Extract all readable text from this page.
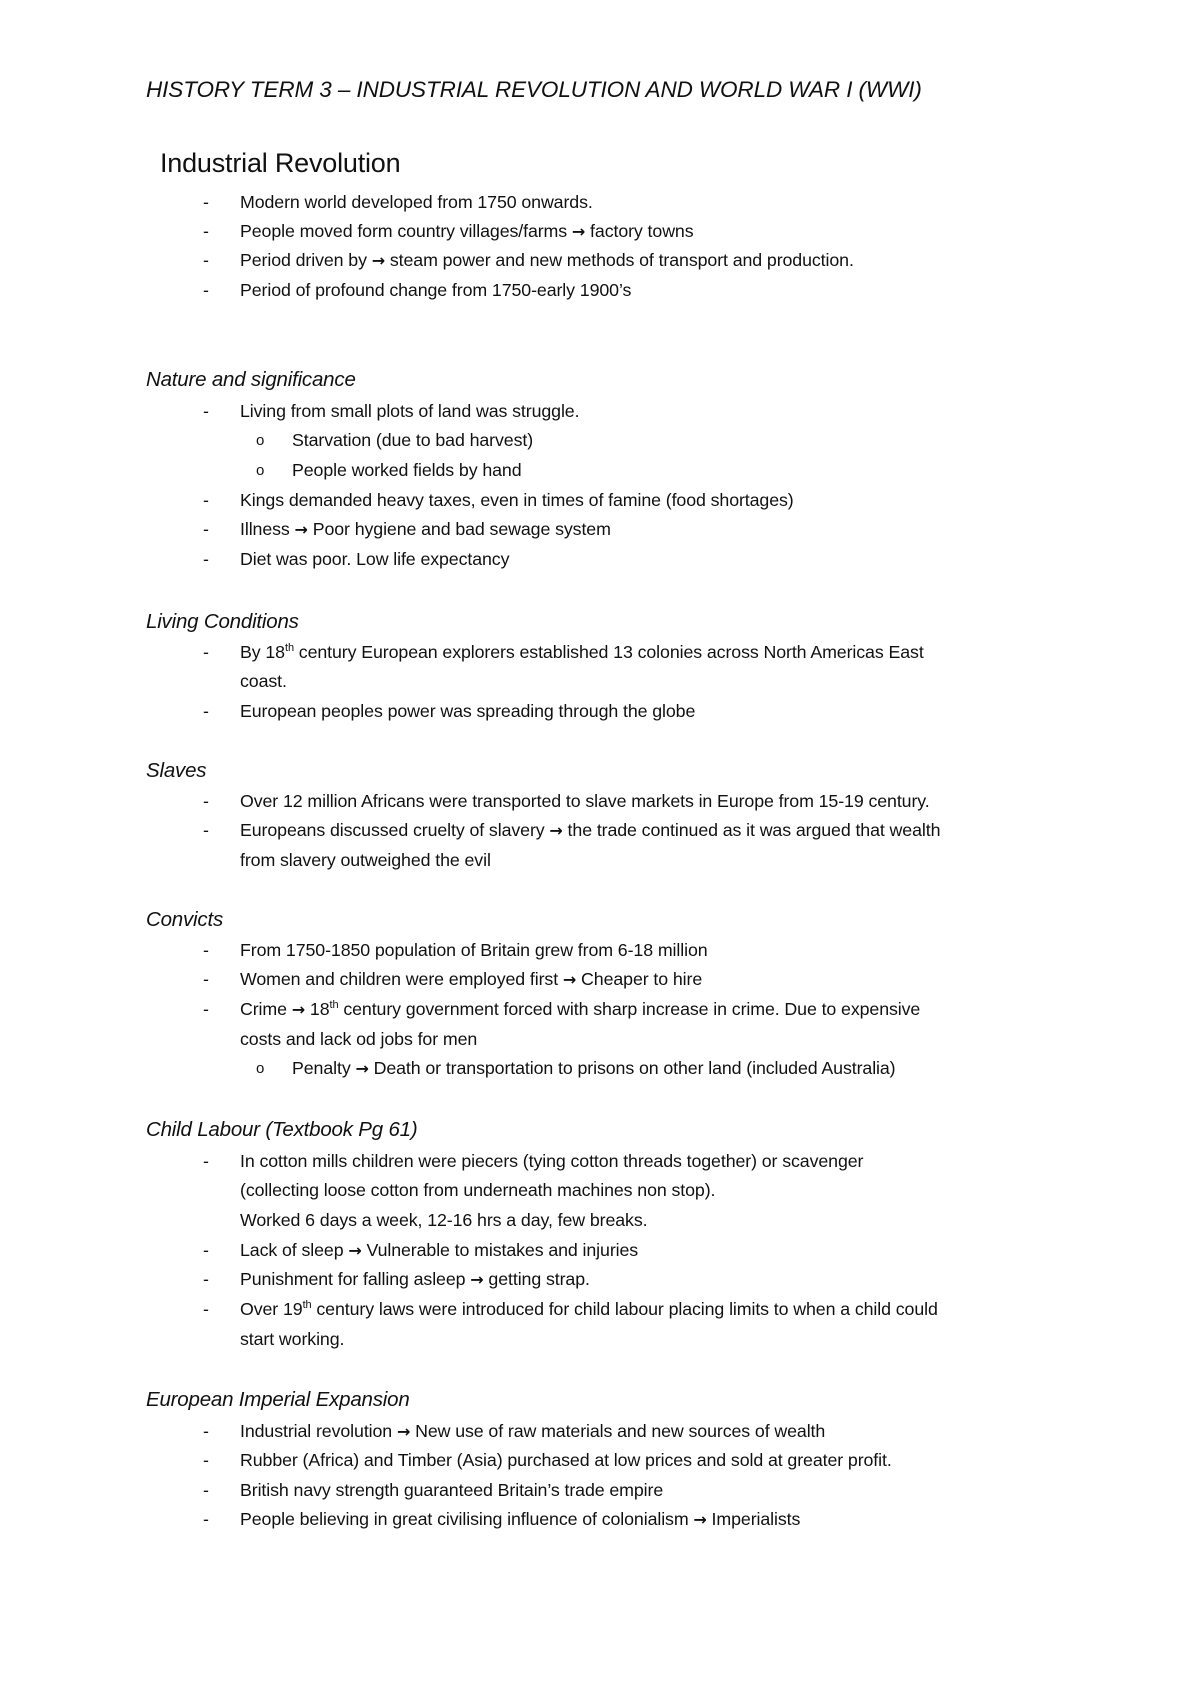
HISTORY TERM 3 – INDUSTRIAL REVOLUTION AND WORLD WAR I (WWI)
Industrial Revolution
-	Modern world developed from 1750 onwards.
-	People moved form country villages/farms → factory towns
-	Period driven by → steam power and new methods of transport and production.
-	Period of profound change from 1750-early 1900’s
Nature and significance
-	Living from small plots of land was struggle.
o	Starvation (due to bad harvest)
o	People worked fields by hand
-	Kings demanded heavy taxes, even in times of famine (food shortages)
-	Illness → Poor hygiene and bad sewage system
-	Diet was poor. Low life expectancy
Living Conditions
-	By 18th century European explorers established 13 colonies across North Americas East
coast.
-	European peoples power was spreading through the globe
Slaves
-	Over 12 million Africans were transported to slave markets in Europe from 15-19 century.
-	Europeans discussed cruelty of slavery → the trade continued as it was argued that wealth
from slavery outweighed the evil
Convicts
-	From 1750-1850 population of Britain grew from 6-18 million
-	Women and children were employed first → Cheaper to hire
-	Crime → 18th century government forced with sharp increase in crime. Due to expensive
costs and lack od jobs for men
o	Penalty → Death or transportation to prisons on other land (included Australia)
Child Labour (Textbook Pg 61)
-	In cotton mills children were piecers (tying cotton threads together) or scavenger
(collecting loose cotton from underneath machines non stop).
Worked 6 days a week, 12-16 hrs a day, few breaks.
-	Lack of sleep → Vulnerable to mistakes and injuries
-	Punishment for falling asleep → getting strap.
-	Over 19th century laws were introduced for child labour placing limits to when a child could
start working.
European Imperial Expansion
-	Industrial revolution → New use of raw materials and new sources of wealth
-	Rubber (Africa) and Timber (Asia) purchased at low prices and sold at greater profit.
-	British navy strength guaranteed Britain’s trade empire
-	People believing in great civilising influence of colonialism → Imperialists
